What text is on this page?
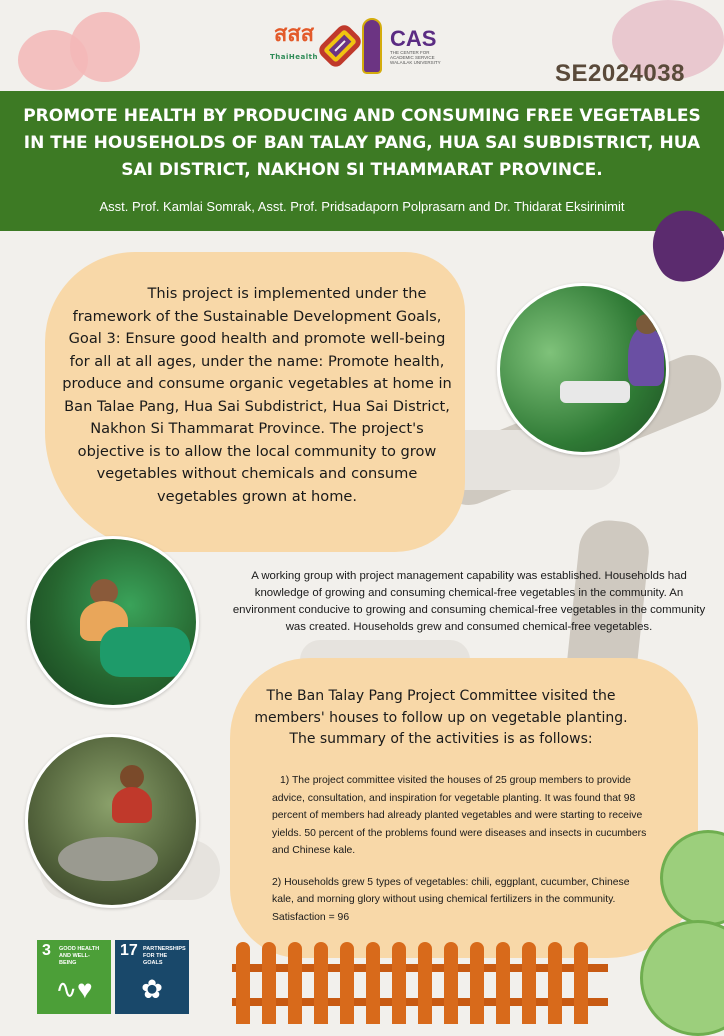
สสส
ThaiHealth
CAS
THE CENTER FOR ACADEMIC SERVICE WALAILAK UNIVERSITY	SE2024038
PROMOTE HEALTH BY PRODUCING AND CONSUMING FREE VEGETABLES IN THE HOUSEHOLDS OF BAN TALAY PANG, HUA SAI SUBDISTRICT, HUA SAI DISTRICT, NAKHON SI THAMMARAT PROVINCE.
Asst. Prof. Kamlai Somrak, Asst. Prof. Pridsadaporn Polprasarn and Dr. Thidarat Eksirinimit
This project is implemented under the framework of the Sustainable Development Goals, Goal 3: Ensure good health and promote well-being for all at all ages, under the name: Promote health, produce and consume organic vegetables at home in Ban Talae Pang, Hua Sai Subdistrict, Hua Sai District, Nakhon Si Thammarat Province. The project's objective is to allow the local community to grow vegetables without chemicals and consume vegetables grown at home.
A working group with project management capability was established. Households had knowledge of growing and consuming chemical-free vegetables in the community. An environment conducive to growing and consuming chemical-free vegetables in the community was created. Households grew and consumed chemical-free vegetables.
The Ban Talay Pang Project Committee visited the members' houses to follow up on vegetable planting. The summary of the activities is as follows:
1) The project committee visited the houses of 25 group members to provide advice, consultation, and inspiration for vegetable planting. It was found that 98 percent of members had already planted vegetables and were starting to receive yields. 50 percent of the problems found were diseases and insects in cucumbers and Chinese kale.
2) Households grew 5 types of vegetables: chili, eggplant, cucumber, Chinese kale, and morning glory without using chemical fertilizers in the community. Satisfaction = 96
3 GOOD HEALTH AND WELL-BEING
∿♥
17 PARTNERSHIPS FOR THE GOALS
✿
